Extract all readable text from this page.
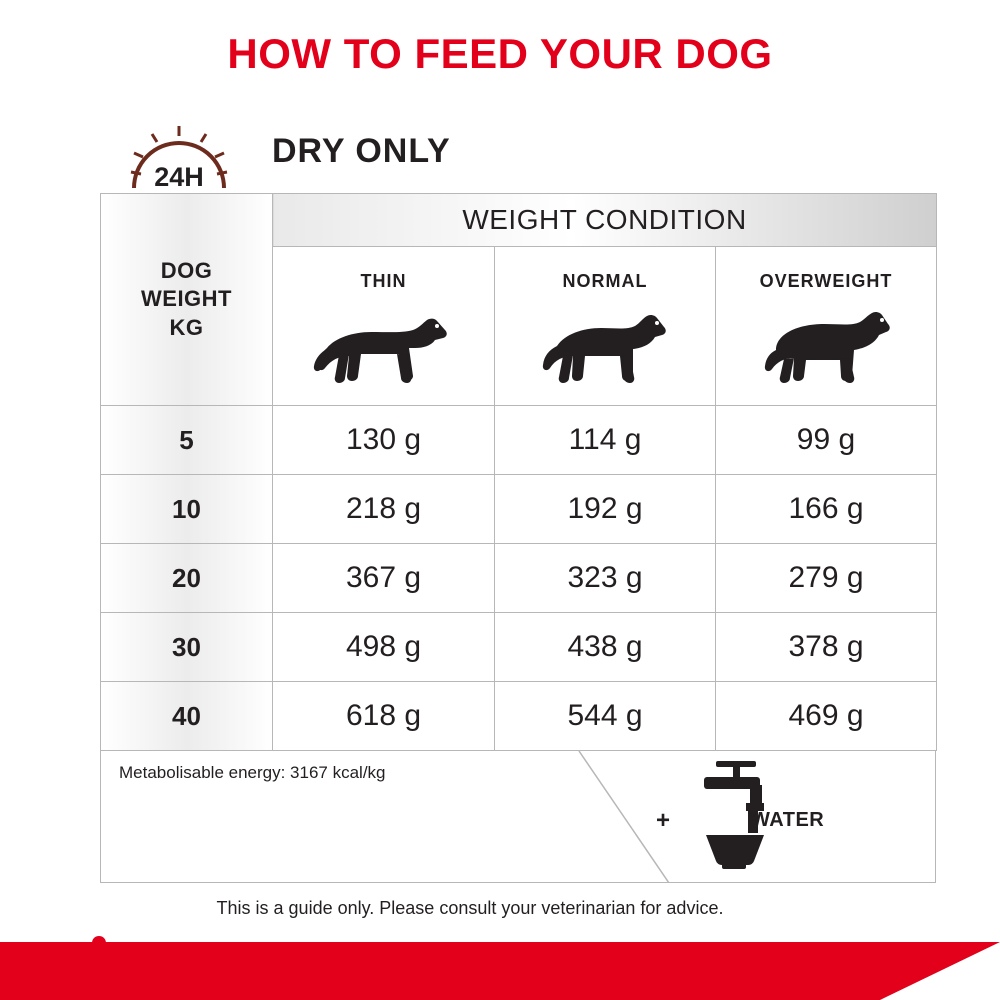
HOW TO FEED YOUR DOG
24H
DRY ONLY
DOG
WEIGHT
KG	WEIGHT CONDITION		

	THIN	NORMAL	OVERWEIGHT

5	130 g	114 g	99 g
10	218 g	192 g	166 g
20	367 g	323 g	279 g
30	498 g	438 g	378 g
40	618 g	544 g	469 g
Metabolisable energy: 3167 kcal/kg
+	WATER
This is a guide only. Please consult your veterinarian for advice.
